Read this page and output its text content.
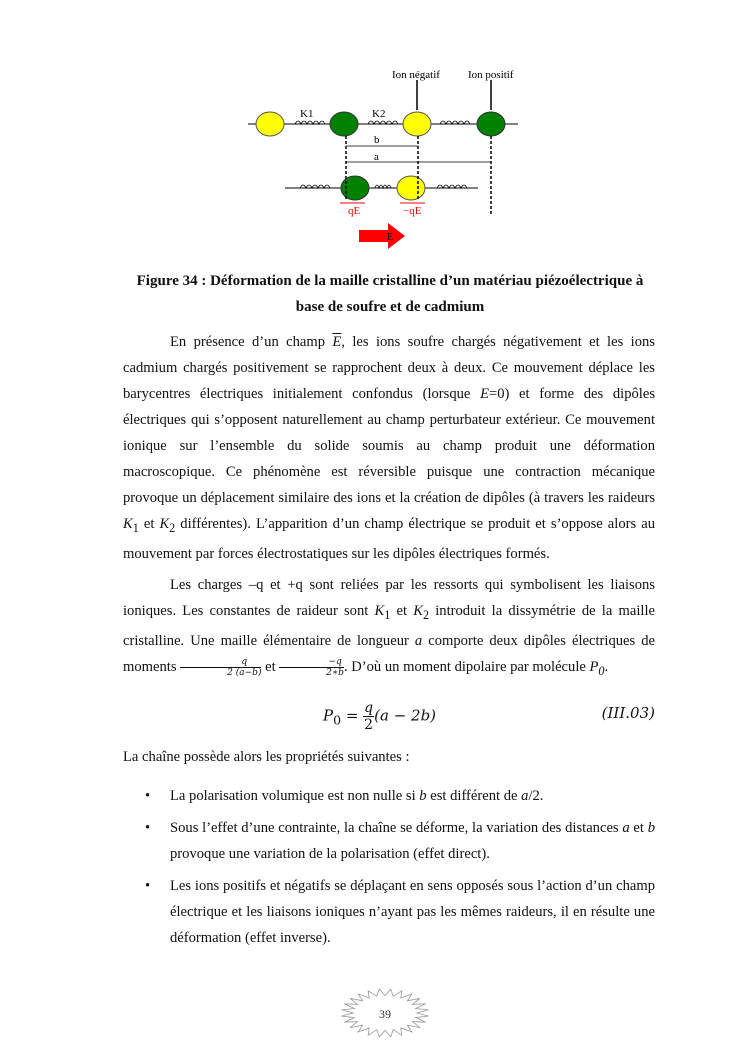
Ion négatif	Ion positif
K1	K2
b
a
qE	−qE
E
Figure 34 : Déformation de la maille cristalline d’un matériau piézoélectrique à
base de soufre et de cadmium

En présence d’un champ $\overline{E}$, les ions soufre chargés négativement et les ions cadmium chargés positivement se rapprochent deux à deux. Ce mouvement déplace les barycentres électriques initialement confondus (lorsque E=0) et forme des dipôles électriques qui s’opposent naturellement au champ perturbateur extérieur. Ce mouvement ionique sur l’ensemble du solide soumis au champ produit une déformation macroscopique. Ce phénomène est réversible puisque une contraction mécanique provoque un déplacement similaire des ions et la création de dipôles (à travers les raideurs $K_1$ et $K_2$ différentes). L’apparition d’un champ électrique se produit et s’oppose alors au mouvement par forces électrostatiques sur les dipôles électriques formés.

Les charges –q et +q sont reliées par les ressorts qui symbolisent les liaisons ioniques. Les constantes de raideur sont $K_1$ et $K_2$ introduit la dissymétrie de la maille cristalline. Une maille élémentaire de longueur a comporte deux dipôles électriques de moments $\frac{q}{2 (a-b)}$ et $\frac{-q}{2∗b}$ . D’où un moment dipolaire par molécule $P_0$.

$P_0 = \frac{q}{2} (a - 2b)$	(III.03)
La chaîne possède alors les propriétés suivantes :
• La polarisation volumique est non nulle si b est différent de a/2.
• Sous l’effet d’une contrainte, la chaîne se déforme, la variation des distances a et b provoque une variation de la polarisation (effet direct).
• Les ions positifs et négatifs se déplaçant en sens opposés sous l’action d’un champ électrique et les liaisons ioniques n’ayant pas les mêmes raideurs, il en résulte une déformation (effet inverse).
39
